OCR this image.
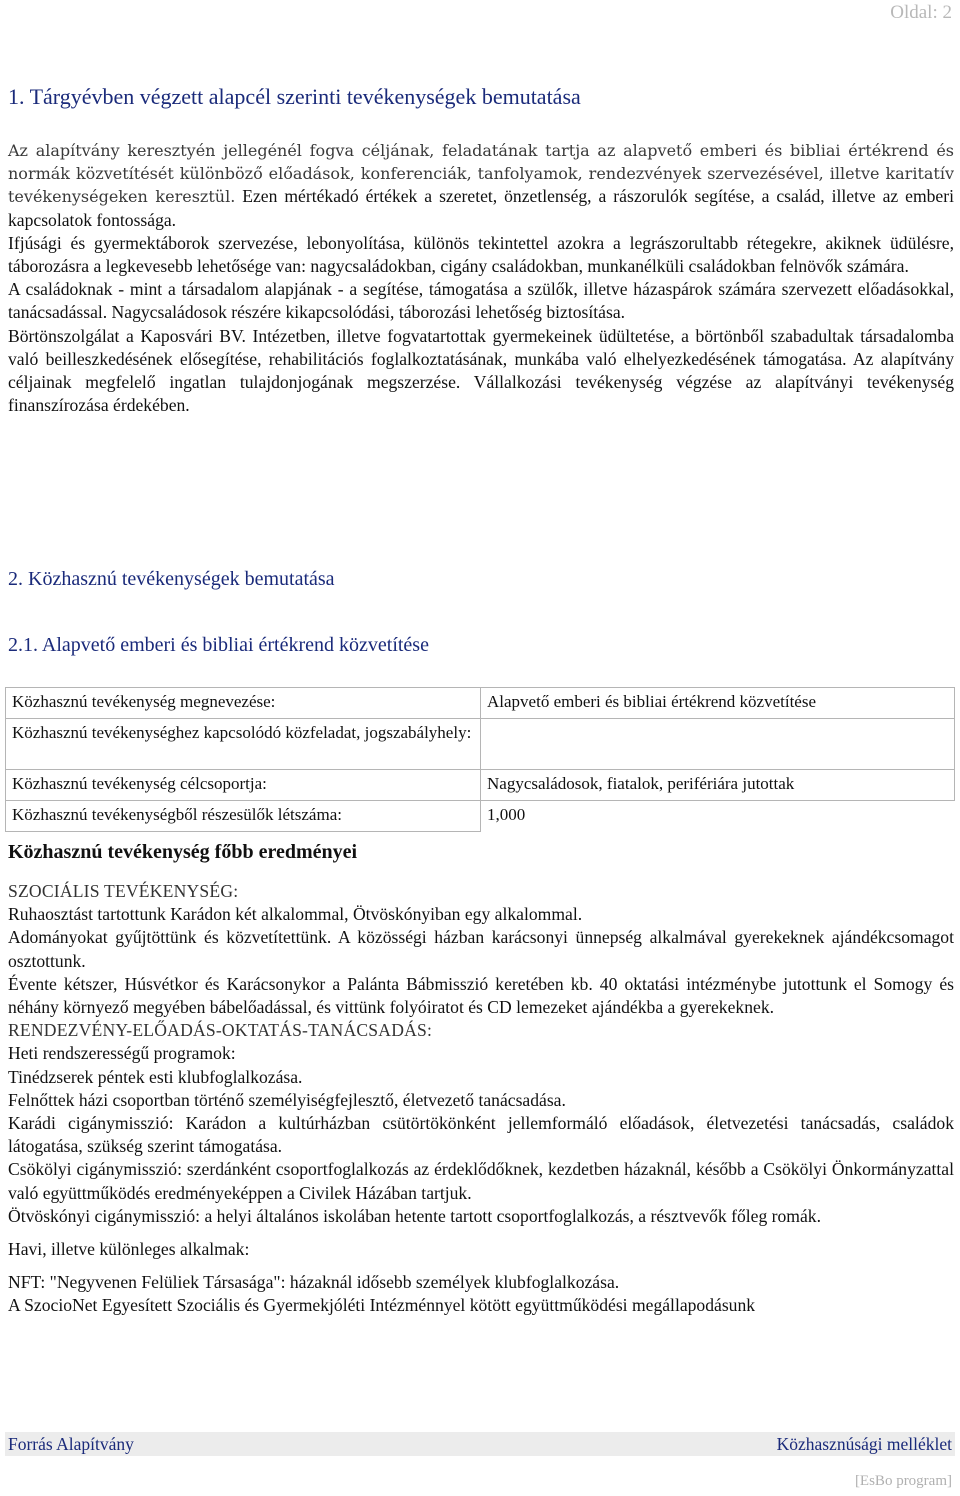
Oldal: 2
1. Tárgyévben végzett alapcél szerinti tevékenységek bemutatása
Az alapítvány keresztyén jellegénél fogva céljának, feladatának tartja az alapvető emberi és bibliai értékrend és normák közvetítését különböző előadások, konferenciák, tanfolyamok, rendezvények szervezésével, illetve karitatív tevékenységeken keresztül. Ezen mértékadó értékek a szeretet, önzetlenség, a rászorulók segítése, a család, illetve az emberi kapcsolatok fontossága.
Ifjúsági és gyermektáborok szervezése, lebonyolítása, különös tekintettel azokra a legrászorultabb rétegekre, akiknek üdülésre, táborozásra a legkevesebb lehetősége van: nagycsaládokban, cigány családokban, munkanélküli családokban felnövők számára.
A családoknak - mint a társadalom alapjának - a segítése, támogatása a szülők, illetve házaspárok számára szervezett előadásokkal, tanácsadással. Nagycsaládosok részére kikapcsolódási, táborozási lehetőség biztosítása.
Börtönszolgálat a Kaposvári BV. Intézetben, illetve fogvatartottak gyermekeinek üdültetése, a börtönből szabadultak társadalomba való beilleszkedésének elősegítése, rehabilitációs foglalkoztatásának, munkába való elhelyezkedésének támogatása. Az alapítvány céljainak megfelelő ingatlan tulajdonjogának megszerzése. Vállalkozási tevékenység végzése az alapítványi tevékenység finanszírozása érdekében.
2. Közhasznú tevékenységek bemutatása
2.1. Alapvető emberi és bibliai értékrend közvetítése
Közhasznú tevékenység megnevezése:	Alapvető emberi és bibliai értékrend közvetítése
Közhasznú tevékenységhez kapcsolódó közfeladat, jogszabályhely:	
Közhasznú tevékenység célcsoportja:	Nagycsaládosok, fiatalok, perifériára jutottak
Közhasznú tevékenységből részesülők létszáma:	1,000
Közhasznú tevékenység főbb eredményei
SZOCIÁLIS TEVÉKENYSÉG:
Ruhaosztást tartottunk Karádon két alkalommal, Ötvöskónyiban egy alkalommal.
Adományokat gyűjtöttünk és közvetítettünk. A közösségi házban karácsonyi ünnepség alkalmával gyerekeknek ajándékcsomagot osztottunk.
Évente kétszer, Húsvétkor és Karácsonykor a Palánta Bábmisszió keretében kb. 40 oktatási intézménybe jutottunk el Somogy és néhány környező megyében bábelőadással, és vittünk folyóiratot és CD lemezeket ajándékba a gyerekeknek.
RENDEZVÉNY-ELŐADÁS-OKTATÁS-TANÁCSADÁS:
Heti rendszerességű programok:
Tinédzserek péntek esti klubfoglalkozása.
Felnőttek házi csoportban történő személyiségfejlesztő, életvezető tanácsadása.
Karádi cigánymisszió: Karádon a kultúrházban csütörtökönként jellemformáló előadások, életvezetési tanácsadás, családok látogatása, szükség szerint támogatása.
Csökölyi cigánymisszió: szerdánként csoportfoglalkozás az érdeklődőknek, kezdetben házaknál, később a Csökölyi Önkormányzattal való együttműködés eredményeképpen a Civilek Házában tartjuk.
Ötvöskónyi cigánymisszió: a helyi általános iskolában hetente tartott csoportfoglalkozás, a résztvevők főleg romák.
Havi, illetve különleges alkalmak:
NFT: "Negyvenen Felüliek Társasága": házaknál idősebb személyek klubfoglalkozása.
A SzocioNet Egyesített Szociális és Gyermekjóléti Intézménnyel kötött együttműködési megállapodásunk
Forrás Alapítvány	Közhasznúsági melléklet
[EsBo program]
